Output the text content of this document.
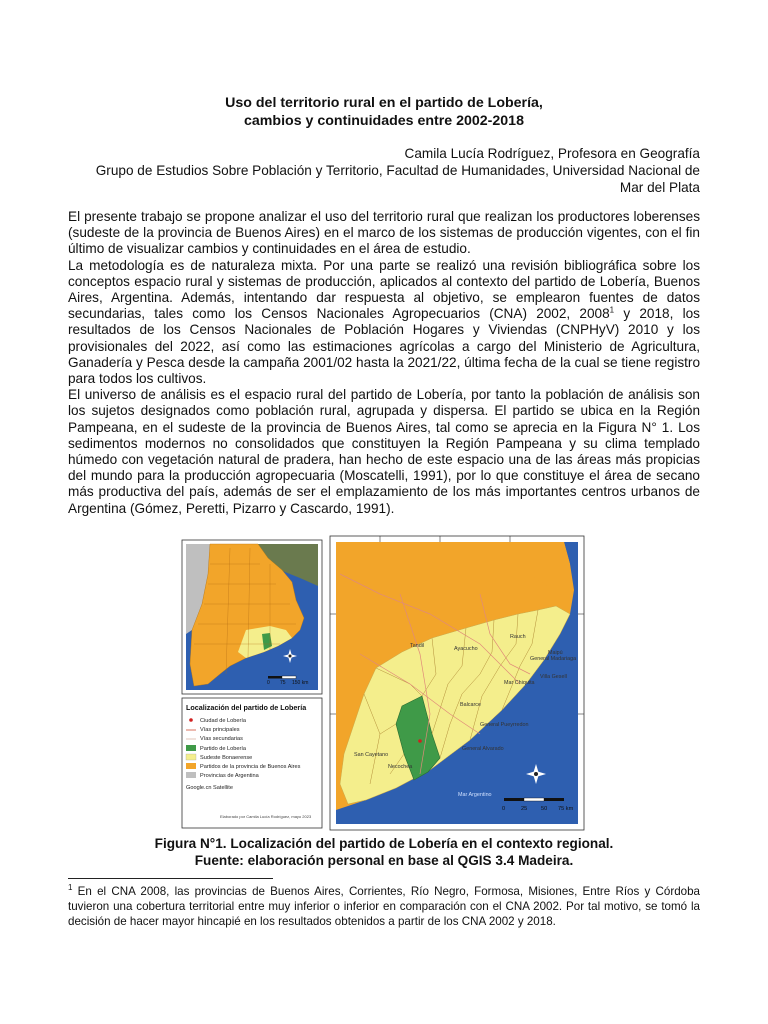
Uso del territorio rural en el partido de Lobería,
cambios y continuidades entre 2002-2018
Camila Lucía Rodríguez, Profesora en Geografía
Grupo de Estudios Sobre Población y Territorio, Facultad de Humanidades, Universidad Nacional de
Mar del Plata

El presente trabajo se propone analizar el uso del territorio rural que realizan los productores loberenses (sudeste de la provincia de Buenos Aires) en el marco de los sistemas de producción vigentes, con el fin último de visualizar cambios y continuidades en el área de estudio.

La metodología es de naturaleza mixta. Por una parte se realizó una revisión bibliográfica sobre los conceptos espacio rural y sistemas de producción, aplicados al contexto del partido de Lobería, Buenos Aires, Argentina. Además, intentando dar respuesta al objetivo, se emplearon fuentes de datos secundarias, tales como los Censos Nacionales Agropecuarios (CNA) 2002, 2008$^1$ y 2018, los resultados de los Censos Nacionales de Población Hogares y Viviendas (CNPHyV) 2010 y los provisionales del 2022, así como las estimaciones agrícolas a cargo del Ministerio de Agricultura, Ganadería y Pesca desde la campaña 2001/02 hasta la 2021/22, última fecha de la cual se tiene registro para todos los cultivos.

El universo de análisis es el espacio rural del partido de Lobería, por tanto la población de análisis son los sujetos designados como población rural, agrupada y dispersa. El partido se ubica en la Región Pampeana, en el sudeste de la provincia de Buenos Aires, tal como se aprecia en la Figura N° 1. Los sedimentos modernos no consolidados que constituyen la Región Pampeana y su clima templado húmedo con vegetación natural de pradera, han hecho de este espacio una de las áreas más propicias del mundo para la producción agropecuaria (Moscatelli, 1991), por lo que constituye el área de secano más productiva del país, además de ser el emplazamiento de los más importantes centros urbanos de Argentina (Gómez, Peretti, Pizarro y Cascardo, 1991).

0 75 150 km
Localización del partido de Lobería
Ciudad de Lobería
Vías principales
Vías secundarias
Partido de Lobería
Sudeste Bonaerense
Partidos de la provincia de Buenos Aires
Provincias de Argentina
Google.cn Satellite
Elaborado por Camila Lucía Rodríguez, mayo 2023
Tandil	Ayacucho
Rauch
Maipú
General Madariaga
Villa Gesell
Mar Chiquita
Balcarce
General Pueyrredon
General Alvarado
San Cayetano
Necochea
Mar Argentino
0	25 50 75 km
Figura N°1. Localización del partido de Lobería en el contexto regional.
Fuente: elaboración personal en base al QGIS 3.4 Madeira.
$^1$ En el CNA 2008, las provincias de Buenos Aires, Corrientes, Río Negro, Formosa, Misiones, Entre Ríos y Córdoba tuvieron una cobertura territorial entre muy inferior o inferior en comparación con el CNA 2002. Por tal motivo, se tomó la decisión de hacer mayor hincapié en los resultados obtenidos a partir de los CNA 2002 y 2018.
